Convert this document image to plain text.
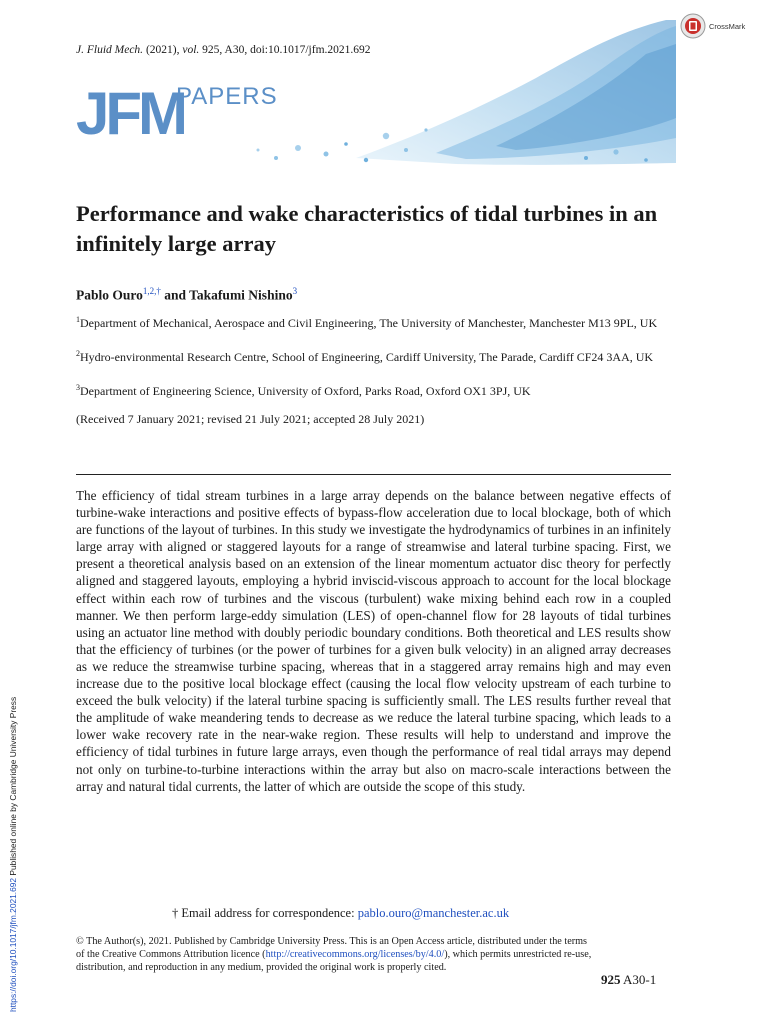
J. Fluid Mech. (2021), vol. 925, A30, doi:10.1017/jfm.2021.692
JFM
PAPERS
CrossMark
Performance and wake characteristics of tidal turbines in an infinitely large array
Pablo Ouro$^{1,2,\dagger}$ and Takafumi Nishino$^3$
$^1$Department of Mechanical, Aerospace and Civil Engineering, The University of Manchester, Manchester M13 9PL, UK
$^2$Hydro-environmental Research Centre, School of Engineering, Cardiff University, The Parade, Cardiff CF24 3AA, UK
$^3$Department of Engineering Science, University of Oxford, Parks Road, Oxford OX1 3PJ, UK
(Received 7 January 2021; revised 21 July 2021; accepted 28 July 2021)
The efficiency of tidal stream turbines in a large array depends on the balance between negative effects of turbine-wake interactions and positive effects of bypass-flow acceleration due to local blockage, both of which are functions of the layout of turbines. In this study we investigate the hydrodynamics of turbines in an infinitely large array with aligned or staggered layouts for a range of streamwise and lateral turbine spacing. First, we present a theoretical analysis based on an extension of the linear momentum actuator disc theory for perfectly aligned and staggered layouts, employing a hybrid inviscid-viscous approach to account for the local blockage effect within each row of turbines and the viscous (turbulent) wake mixing behind each row in a coupled manner. We then perform large-eddy simulation (LES) of open-channel flow for 28 layouts of tidal turbines using an actuator line method with doubly periodic boundary conditions. Both theoretical and LES results show that the efficiency of turbines (or the power of turbines for a given bulk velocity) in an aligned array decreases as we reduce the streamwise turbine spacing, whereas that in a staggered array remains high and may even increase due to the positive local blockage effect (causing the local flow velocity upstream of each turbine to exceed the bulk velocity) if the lateral turbine spacing is sufficiently small. The LES results further reveal that the amplitude of wake meandering tends to decrease as we reduce the lateral turbine spacing, which leads to a lower wake recovery rate in the near-wake region. These results will help to understand and improve the efficiency of tidal turbines in future large arrays, even though the performance of real tidal arrays may depend not only on turbine-to-turbine interactions within the array but also on macro-scale interactions between the array and natural tidal currents, the latter of which are outside the scope of this study.
† Email address for correspondence: pablo.ouro@manchester.ac.uk
© The Author(s), 2021. Published by Cambridge University Press. This is an Open Access article, distributed under the terms of the Creative Commons Attribution licence (http://creativecommons.org/licenses/by/4.0/), which permits unrestricted re-use, distribution, and reproduction in any medium, provided the original work is properly cited.
925 A30-1
https://doi.org/10.1017/jfm.2021.692 Published online by Cambridge University Press
